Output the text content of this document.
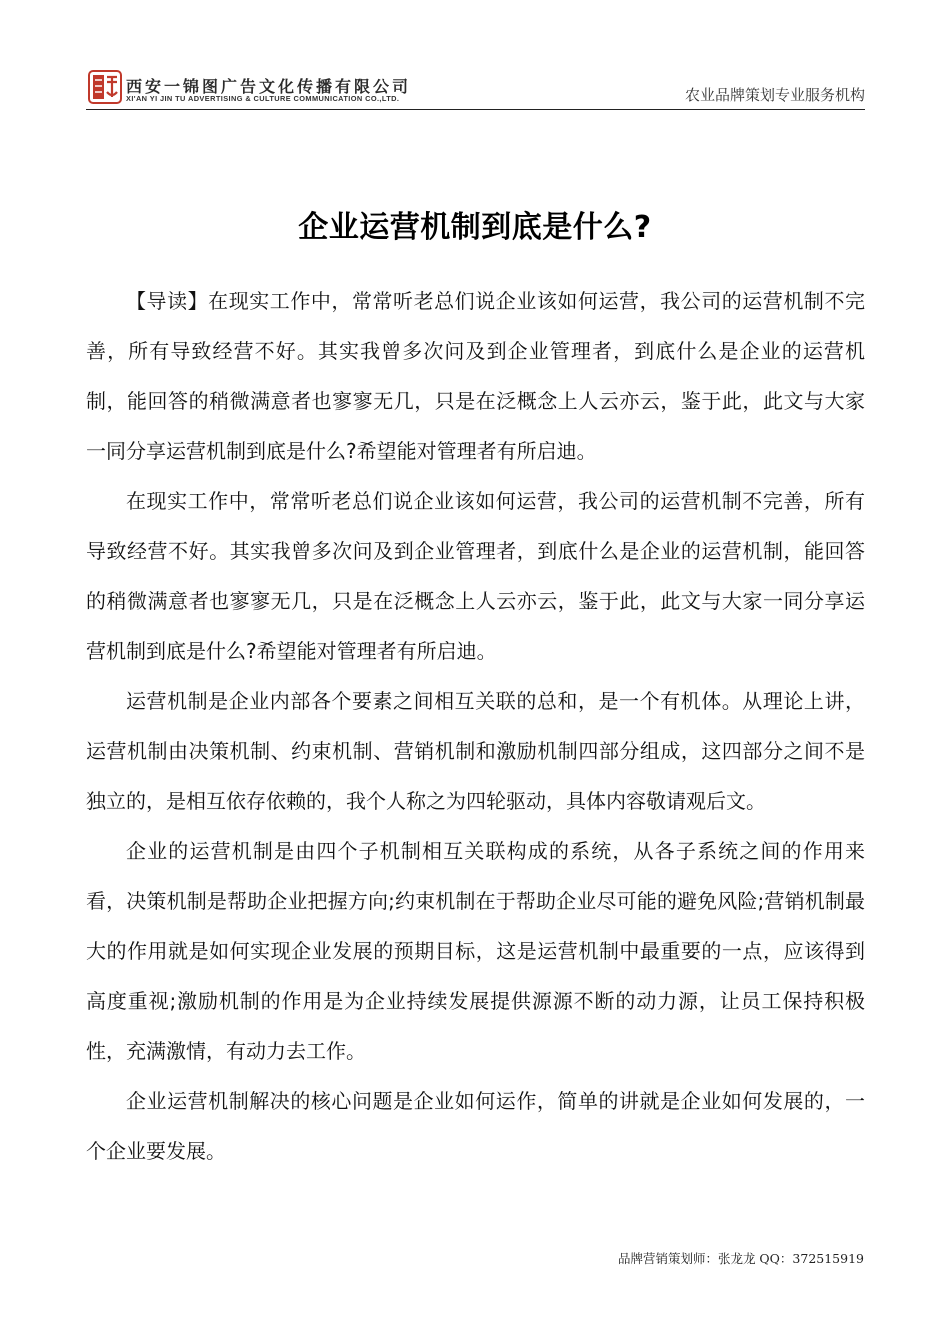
西安一锦图广告文化传播有限公司
XI'AN YI JIN TU ADVERTISING & CULTURE COMMUNICATION CO.,LTD.	农业品牌策划专业服务机构
企业运营机制到底是什么?

【导读】在现实工作中，常常听老总们说企业该如何运营，我公司的运营机制不完善，所有导致经营不好。其实我曾多次问及到企业管理者，到底什么是企业的运营机制，能回答的稍微满意者也寥寥无几，只是在泛概念上人云亦云，鉴于此，此文与大家一同分享运营机制到底是什么?希望能对管理者有所启迪。

在现实工作中，常常听老总们说企业该如何运营，我公司的运营机制不完善，所有导致经营不好。其实我曾多次问及到企业管理者，到底什么是企业的运营机制，能回答的稍微满意者也寥寥无几，只是在泛概念上人云亦云，鉴于此，此文与大家一同分享运营机制到底是什么?希望能对管理者有所启迪。

运营机制是企业内部各个要素之间相互关联的总和，是一个有机体。从理论上讲，运营机制由决策机制、约束机制、营销机制和激励机制四部分组成，这四部分之间不是独立的，是相互依存依赖的，我个人称之为四轮驱动，具体内容敬请观后文。

企业的运营机制是由四个子机制相互关联构成的系统，从各子系统之间的作用来看，决策机制是帮助企业把握方向;约束机制在于帮助企业尽可能的避免风险;营销机制最大的作用就是如何实现企业发展的预期目标，这是运营机制中最重要的一点，应该得到高度重视;激励机制的作用是为企业持续发展提供源源不断的动力源，让员工保持积极性，充满激情，有动力去工作。

企业运营机制解决的核心问题是企业如何运作，简单的讲就是企业如何发展的，一个企业要发展。

品牌营销策划师：张龙龙 QQ：372515919
